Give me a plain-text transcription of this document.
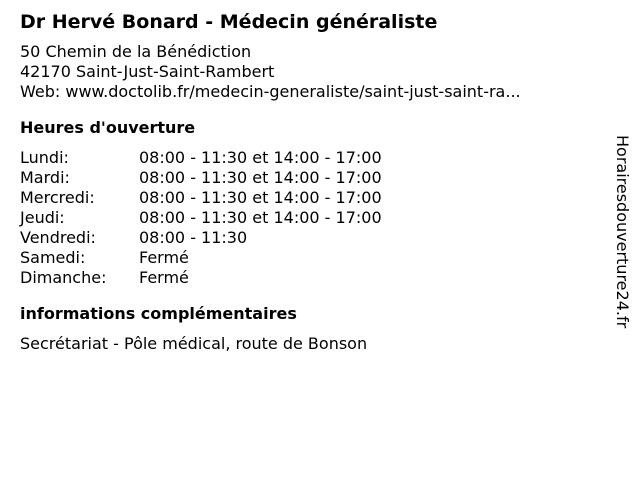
Dr Hervé Bonard - Médecin généraliste
50 Chemin de la Bénédiction
42170 Saint-Just-Saint-Rambert
Web: www.doctolib.fr/medecin-generaliste/saint-just-saint-ra...
Heures d'ouverture
Lundi:	08:00 - 11:30 et 14:00 - 17:00
Mardi:	08:00 - 11:30 et 14:00 - 17:00
Mercredi:	08:00 - 11:30 et 14:00 - 17:00
Jeudi:	08:00 - 11:30 et 14:00 - 17:00
Vendredi:	08:00 - 11:30
Samedi:	Fermé
Dimanche:	Fermé
informations complémentaires
Secrétariat - Pôle médical, route de Bonson
Horairesdouverture24.fr
